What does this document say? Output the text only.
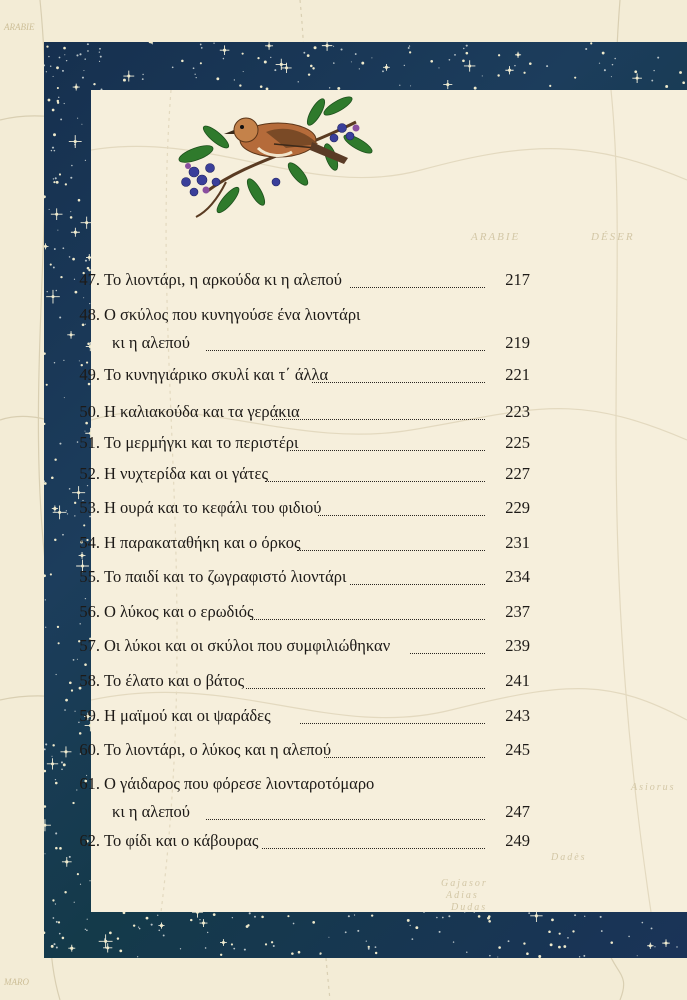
ARABIE
MARO
ARABIE	DÉSER
Adias
Gajasor
Dudas
Asiorus
Dadès
47. Το λιοντάρι, η αρκούδα κι η αλεπού	217
48. Ο σκύλος που κυνηγούσε ένα λιοντάρι
κι η αλεπού	219
49. Το κυνηγιάρικο σκυλί και τ΄ άλλα	221
50. Η καλιακούδα και τα γεράκια	223
51. Το μερμήγκι και το περιστέρι	225
52. Η νυχτερίδα και οι γάτες	227
53. Η ουρά και το κεφάλι του φιδιού	229
54. Η παρακαταθήκη και ο όρκος	231
55. Το παιδί και το ζωγραφιστό λιοντάρι	234
56. Ο λύκος και ο ερωδιός	237
57. Οι λύκοι και οι σκύλοι που συμφιλιώθηκαν	239
58. Το έλατο και ο βάτος	241
59. Η μαϊμού και οι ψαράδες	243
60. Το λιοντάρι, ο λύκος και η αλεπού	245
61. Ο γάιδαρος που φόρεσε λιονταροτόμαρο
κι η αλεπού	247
62. Το φίδι και ο κάβουρας	249
